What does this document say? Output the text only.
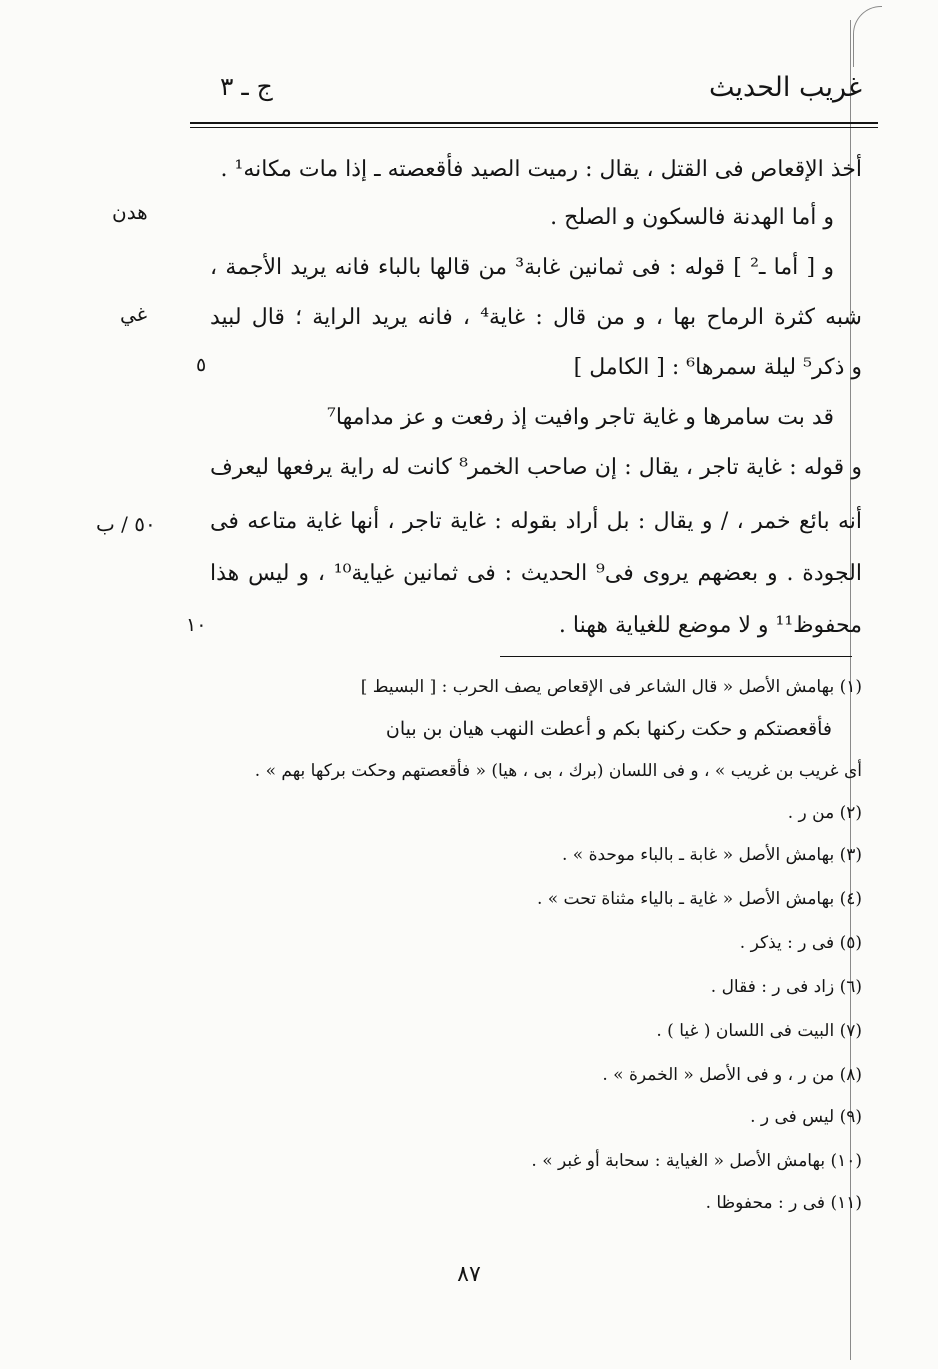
غريب الحديث
ج ـ ٣
أخذ الإقعاص فى القتل ، يقال : رميت الصيد فأقعصته ـ إذا مات مكانه¹ .
و أما الهدنة فالسكون و الصلح .
و [ أما ـ² ] قوله : فى ثمانين غابة³ من قالها بالباء فانه يريد الأجمة ،
شبه كثرة الرماح بها ، و من قال : غاية⁴ ، فانه يريد الراية ؛ قال لبيد
و ذكر⁵ ليلة سمرها⁶ : [ الكامل ]
قد بت سامرها و غاية تاجر وافيت إذ رفعت و عز مدامها⁷
و قوله : غاية تاجر ، يقال : إن صاحب الخمر⁸ كانت له راية يرفعها ليعرف
أنه بائع خمر ، / و يقال : بل أراد بقوله : غاية تاجر ، أنها غاية متاعه فى
الجودة . و بعضهم يروى فى⁹ الحديث : فى ثمانين غياية¹⁰ ، و ليس هذا
محفوظ¹¹ و لا موضع للغياية ههنا .
هدن
غي
٥٠ / ب
٥
١٠
(١) بهامش الأصل « قال الشاعر فى الإقعاص يصف الحرب : [ البسيط ]
فأقعصتكم و حكت ركنها بكم و أعطت النهب هيان بن بيان
أى غريب بن غريب » ، و فى اللسان (برك ، بى ، هيا) « فأقعصتهم وحكت بركها بهم » .
(٢) من ر .
(٣) بهامش الأصل « غابة ـ بالباء موحدة » .
(٤) بهامش الأصل « غاية ـ بالياء مثناة تحت » .
(٥) فى ر : يذكر .
(٦) زاد فى ر : فقال .
(٧) البيت فى اللسان ( غيا ) .
(٨) من ر ، و فى الأصل « الخمرة » .
(٩) ليس فى ر .
(١٠) بهامش الأصل « الغياية : سحابة أو غبر » .
(١١) فى ر : محفوظا .
٨٧
